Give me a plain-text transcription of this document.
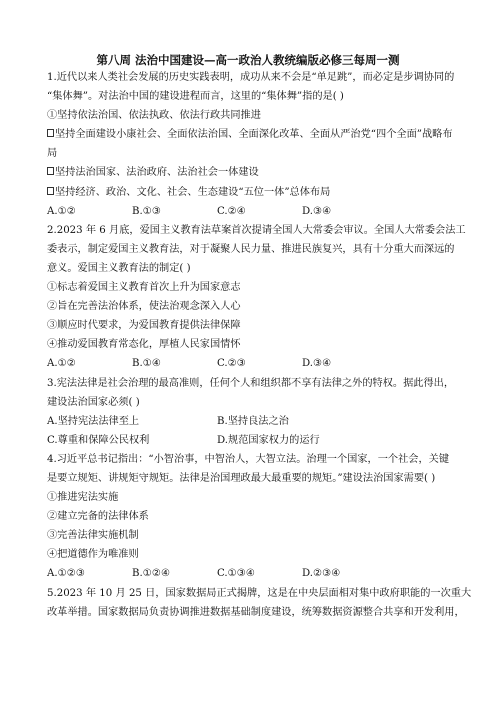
第八周 法治中国建设—高一政治人教统编版必修三每周一测
1.近代以来人类社会发展的历史实践表明，成功从来不会是“单足跳”，而必定是步调协同的
“集体舞”。对法治中国的建设进程而言，这里的“集体舞”指的是( )
①坚持依法治国、依法执政、依法行政共同推进
坚持全面建设小康社会、全面依法治国、全面深化改革、全面从严治党“四个全面”战略布
局
坚持法治国家、法治政府、法治社会一体建设
坚持经济、政治、文化、社会、生态建设“五位一体”总体布局
A.①②	B.①③	C.②④	D.③④
2.2023 年 6 月底，爱国主义教育法草案首次提请全国人大常委会审议。全国人大常委会法工
委表示，制定爱国主义教育法，对于凝聚人民力量、推进民族复兴，具有十分重大而深远的
意义。爱国主义教育法的制定( )
①标志着爱国主义教育首次上升为国家意志
②旨在完善法治体系，使法治观念深入人心
③顺应时代要求，为爱国教育提供法律保障
④推动爱国教育常态化，厚植人民家国情怀
A.①②	B.①④	C.②③	D.③④
3.宪法法律是社会治理的最高准则，任何个人和组织都不享有法律之外的特权。据此得出，
建设法治国家必须( )
A.坚持宪法法律至上	B.坚持良法之治
C.尊重和保障公民权利	D.规范国家权力的运行
4.习近平总书记指出：“小智治事，中智治人，大智立法。治理一个国家，一个社会，关键
是要立规矩、讲规矩守规矩。法律是治国理政最大最重要的规矩。”建设法治国家需要( )
①推进宪法实施
②建立完备的法律体系
③完善法律实施机制
④把道德作为唯准则
A.①②③	B.①②④	C.①③④	D.②③④
5.2023 年 10 月 25 日，国家数据局正式揭牌，这是在中央层面相对集中政府职能的一次重大
改革举措。国家数据局负责协调推进数据基础制度建设，统筹数据资源整合共享和开发利用，
